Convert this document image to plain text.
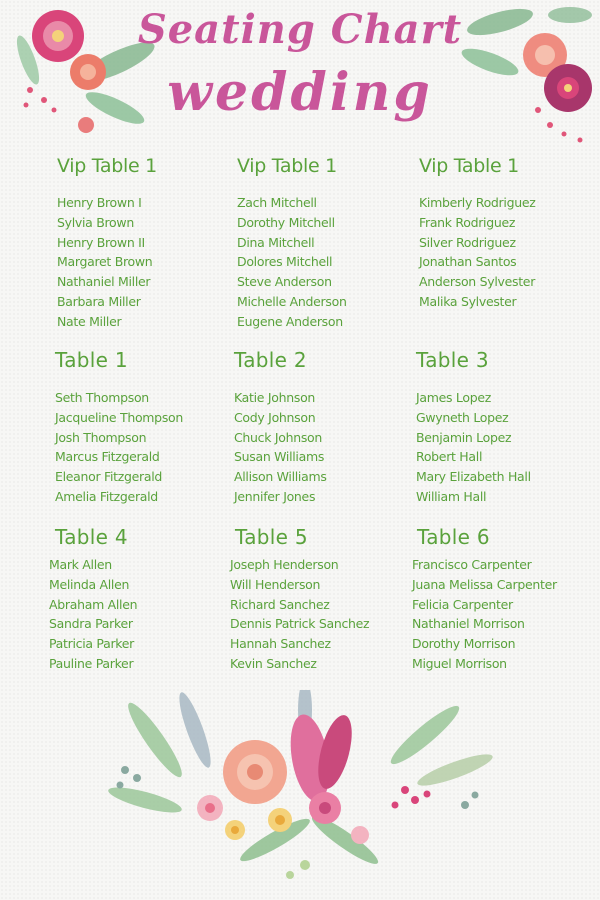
Seating Chart
wedding
Vip Table 1
Henry Brown I
Sylvia Brown
Henry Brown II
Margaret Brown
Nathaniel Miller
Barbara Miller
Nate Miller
Vip Table 1
Zach Mitchell
Dorothy Mitchell
Dina Mitchell
Dolores Mitchell
Steve Anderson
Michelle Anderson
Eugene Anderson
Vip Table 1
Kimberly Rodriguez
Frank Rodriguez
Silver Rodriguez
Jonathan Santos
Anderson Sylvester
Malika Sylvester
Table 1
Seth Thompson
Jacqueline Thompson
Josh Thompson
Marcus Fitzgerald
Eleanor Fitzgerald
Amelia Fitzgerald
Table 2
Katie Johnson
Cody Johnson
Chuck Johnson
Susan Williams
Allison Williams
Jennifer Jones
Table 3
James Lopez
Gwyneth Lopez
Benjamin Lopez
Robert Hall
Mary Elizabeth Hall
William Hall
Table 4
Mark Allen
Melinda Allen
Abraham Allen
Sandra Parker
Patricia Parker
Pauline Parker
Table 5
Joseph Henderson
Will Henderson
Richard Sanchez
Dennis Patrick Sanchez
Hannah Sanchez
Kevin Sanchez
Table 6
Francisco Carpenter
Juana Melissa Carpenter
Felicia Carpenter
Nathaniel Morrison
Dorothy Morrison
Miguel Morrison
